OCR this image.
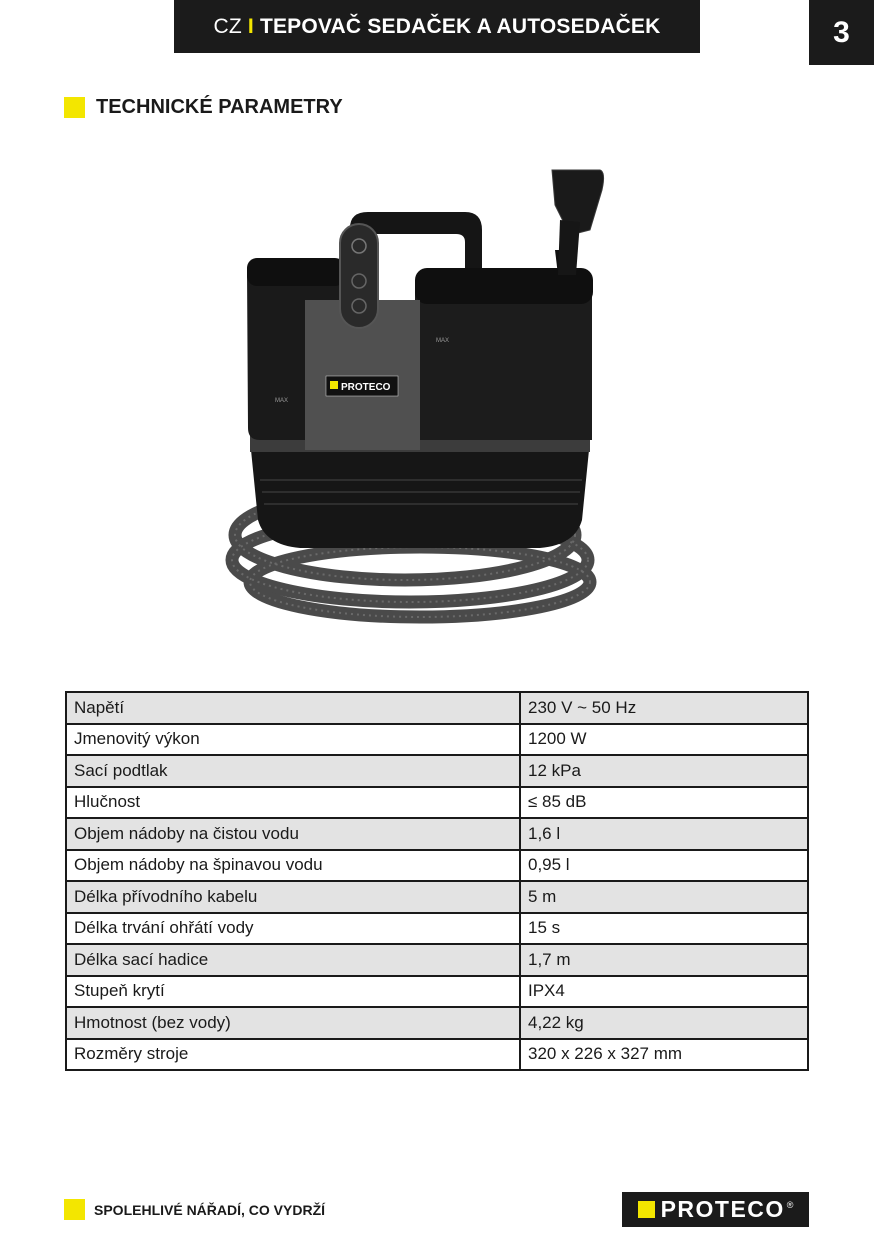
CZ I TEPOVAČ SEDAČEK A AUTOSEDAČEK	3
TECHNICKÉ PARAMETRY
PROTECO
MAX
MAX
Napětí	230 V ~ 50 Hz
Jmenovitý výkon	1200 W
Sací podtlak	12 kPa
Hlučnost	≤ 85 dB
Objem nádoby na čistou vodu	1,6 l
Objem nádoby na špinavou vodu	0,95 l
Délka přívodního kabelu	5 m
Délka trvání ohřátí vody	15 s
Délka sací hadice	1,7 m
Stupeň krytí	IPX4
Hmotnost (bez vody)	4,22 kg
Rozměry stroje	320 x 226 x 327 mm
SPOLEHLIVÉ NÁŘADÍ, CO VYDRŽÍ	PROTECO ®
